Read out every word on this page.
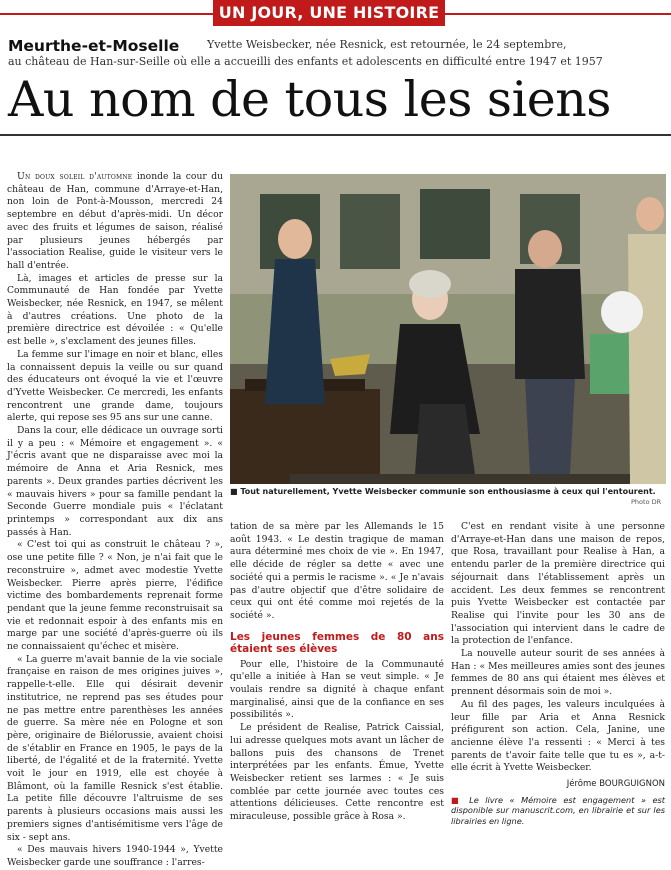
UN JOUR, UNE HISTOIRE
Meurthe-et-Moselle	Yvette Weisbecker, née Resnick, est retournée, le 24 septembre,
au château de Han-sur-Seille où elle a accueilli des enfants et adolescents en difficulté entre 1947 et 1957
Au nom de tous les siens

Un doux soleil d'automne inonde la cour du château de Han, commune d'Arraye-et-Han, non loin de Pont-à-Mousson, mercredi 24 septembre en début d'après-midi. Un décor avec des fruits et légumes de saison, réalisé par plusieurs jeunes hébergés par l'association Realise, guide le visiteur vers le hall d'entrée.

Là, images et articles de presse sur la Communauté de Han fondée par Yvette Weisbecker, née Resnick, en 1947, se mêlent à d'autres créations. Une photo de la première directrice est dévoilée : « Qu'elle est belle », s'exclament des jeunes filles.

La femme sur l'image en noir et blanc, elles la connaissent depuis la veille ou sur quand des éducateurs ont évoqué la vie et l'œuvre d'Yvette Weisbecker. Ce mercredi, les enfants rencontrent une grande dame, toujours alerte, qui repose ses 95 ans sur une canne.

Dans la cour, elle dédicace un ouvrage sorti il y a peu : « Mémoire et engagement ». « J'écris avant que ne disparaisse avec moi la mémoire de Anna et Aria Resnick, mes parents ». Deux grandes parties décrivent les « mauvais hivers » pour sa famille pendant la Seconde Guerre mondiale puis « l'éclatant printemps » correspondant aux dix ans passés à Han.

« C'est toi qui as construit le château ? », ose une petite fille ? « Non, je n'ai fait que le reconstruire », admet avec modestie Yvette Weisbecker. Pierre après pierre, l'édifice victime des bombardements reprenait forme pendant que la jeune femme reconstruisait sa vie et redonnait espoir à des enfants mis en marge par une société d'après-guerre où ils ne connaissaient qu'échec et misère.

« La guerre m'avait bannie de la vie sociale française en raison de mes origines juives », rappelle-t-elle. Elle qui désirait devenir institutrice, ne reprend pas ses études pour ne pas mettre entre parenthèses les années de guerre. Sa mère née en Pologne et son père, originaire de Biélorussie, avaient choisi de s'établir en France en 1905, le pays de la liberté, de l'égalité et de la fraternité. Yvette voit le jour en 1919, elle est choyée à Blâmont, où la famille Resnick s'est établie. La petite fille découvre l'altruisme de ses parents à plusieurs occasions mais aussi les premiers signes d'antisémitisme vers l'âge de six - sept ans.

« Des mauvais hivers 1940-1944 », Yvette Weisbecker garde une souffrance : l'arres-

■ Tout naturellement, Yvette Weisbecker communie son enthousiasme à ceux qui l'entourent.
Photo DR

tation de sa mère par les Allemands le 15 août 1943. « Le destin tragique de maman aura déterminé mes choix de vie ». En 1947, elle décide de régler sa dette « avec une société qui a permis le racisme ». « Je n'avais pas d'autre objectif que d'être solidaire de ceux qui ont été comme moi rejetés de la société ».

Les jeunes femmes de 80 ans étaient ses élèves

Pour elle, l'histoire de la Communauté qu'elle a initiée à Han se veut simple. « Je voulais rendre sa dignité à chaque enfant marginalisé, ainsi que de la confiance en ses possibilités ».

Le président de Realise, Patrick Caissial, lui adresse quelques mots avant un lâcher de ballons puis des chansons de Trenet interprétées par les enfants. Émue, Yvette Weisbecker retient ses larmes : « Je suis comblée par cette journée avec toutes ces attentions délicieuses. Cette rencontre est miraculeuse, possible grâce à Rosa ».

C'est en rendant visite à une personne d'Arraye-et-Han dans une maison de repos, que Rosa, travaillant pour Realise à Han, a entendu parler de la première directrice qui séjournait dans l'établissement après un accident. Les deux femmes se rencontrent puis Yvette Weisbecker est contactée par Realise qui l'invite pour les 30 ans de l'association qui intervient dans le cadre de la protection de l'enfance.

La nouvelle auteur sourit de ses années à Han : « Mes meilleures amies sont des jeunes femmes de 80 ans qui étaient mes élèves et prennent désormais soin de moi ».

Au fil des pages, les valeurs inculquées à leur fille par Aria et Anna Resnick préfigurent son action. Cela, Janine, une ancienne élève l'a ressenti : « Merci à tes parents de t'avoir faite telle que tu es », a-t-elle écrit à Yvette Weisbecker.

Jérôme BOURGUIGNON

■ Le livre « Mémoire est engagement » est disponible sur manuscrit.com, en librairie et sur les librairies en ligne.
